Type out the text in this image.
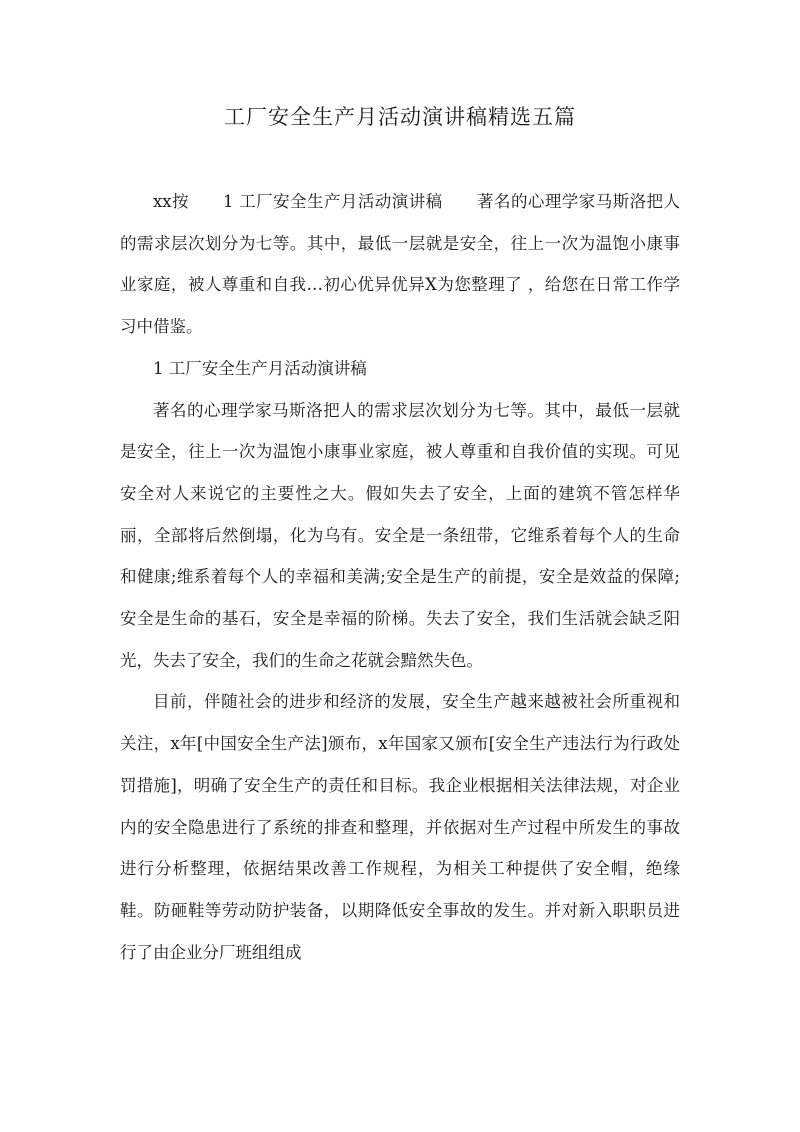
工厂安全生产月活动演讲稿精选五篇

xx按 1 工厂安全生产月活动演讲稿 著名的心理学家马斯洛把人的需求层次划分为七等。其中，最低一层就是安全，往上一次为温饱小康事业家庭，被人尊重和自我…初心优异优异X为您整理了 ，给您在日常工作学习中借鉴。

1 工厂安全生产月活动演讲稿

著名的心理学家马斯洛把人的需求层次划分为七等。其中，最低一层就是安全，往上一次为温饱小康事业家庭，被人尊重和自我价值的实现。可见安全对人来说它的主要性之大。假如失去了安全，上面的建筑不管怎样华丽，全部将后然倒塌，化为乌有。安全是一条纽带，它维系着每个人的生命和健康;维系着每个人的幸福和美满;安全是生产的前提，安全是效益的保障;安全是生命的基石，安全是幸福的阶梯。失去了安全，我们生活就会缺乏阳光，失去了安全，我们的生命之花就会黯然失色。

目前，伴随社会的进步和经济的发展，安全生产越来越被社会所重视和关注，x年[中国安全生产法]颁布，x年国家又颁布[安全生产违法行为行政处罚措施]，明确了安全生产的责任和目标。我企业根据相关法律法规，对企业内的安全隐患进行了系统的排查和整理，并依据对生产过程中所发生的事故进行分析整理，依据结果改善工作规程，为相关工种提供了安全帽，绝缘鞋。防砸鞋等劳动防护装备，以期降低安全事故的发生。并对新入职职员进行了由企业分厂班组组成
